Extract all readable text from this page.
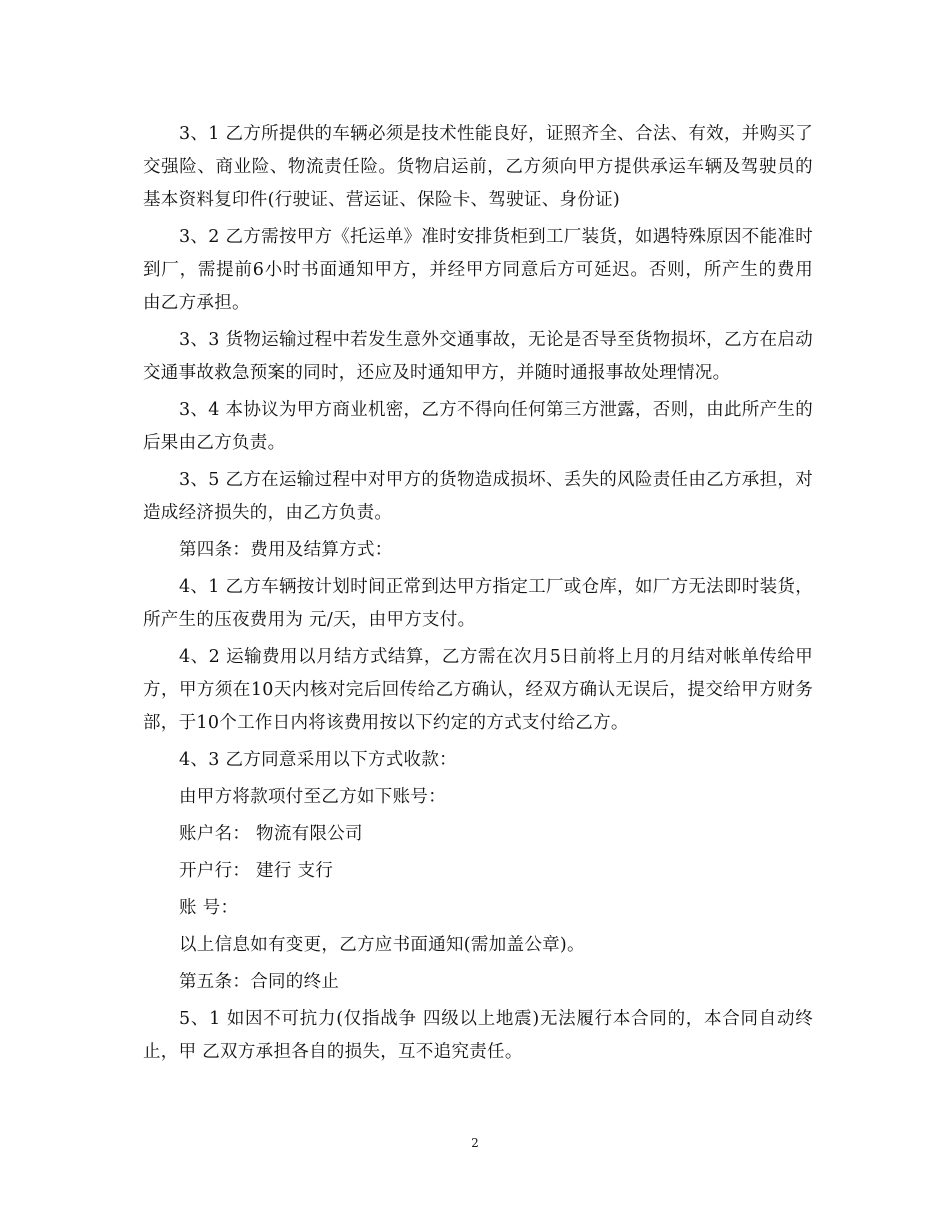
3、1 乙方所提供的车辆必须是技术性能良好，证照齐全、合法、有效，并购买了交强险、商业险、物流责任险。货物启运前，乙方须向甲方提供承运车辆及驾驶员的基本资料复印件(行驶证、营运证、保险卡、驾驶证、身份证)

3、2 乙方需按甲方《托运单》准时安排货柜到工厂装货，如遇特殊原因不能准时到厂，需提前6小时书面通知甲方，并经甲方同意后方可延迟。否则，所产生的费用由乙方承担。

3、3 货物运输过程中若发生意外交通事故，无论是否导至货物损坏，乙方在启动交通事故救急预案的同时，还应及时通知甲方，并随时通报事故处理情况。

3、4 本协议为甲方商业机密，乙方不得向任何第三方泄露，否则，由此所产生的后果由乙方负责。

3、5 乙方在运输过程中对甲方的货物造成损坏、丢失的风险责任由乙方承担，对造成经济损失的，由乙方负责。

第四条：费用及结算方式：

4、1 乙方车辆按计划时间正常到达甲方指定工厂或仓库，如厂方无法即时装货，所产生的压夜费用为 元/天，由甲方支付。

4、2 运输费用以月结方式结算，乙方需在次月5日前将上月的月结对帐单传给甲方，甲方须在10天内核对完后回传给乙方确认，经双方确认无误后，提交给甲方财务部，于10个工作日内将该费用按以下约定的方式支付给乙方。

4、3 乙方同意采用以下方式收款：

由甲方将款项付至乙方如下账号：

账户名： 物流有限公司

开户行： 建行 支行

账 号：

以上信息如有变更，乙方应书面通知(需加盖公章)。

第五条：合同的终止

5、1 如因不可抗力(仅指战争 四级以上地震)无法履行本合同的，本合同自动终止，甲 乙双方承担各自的损失，互不追究责任。

2
